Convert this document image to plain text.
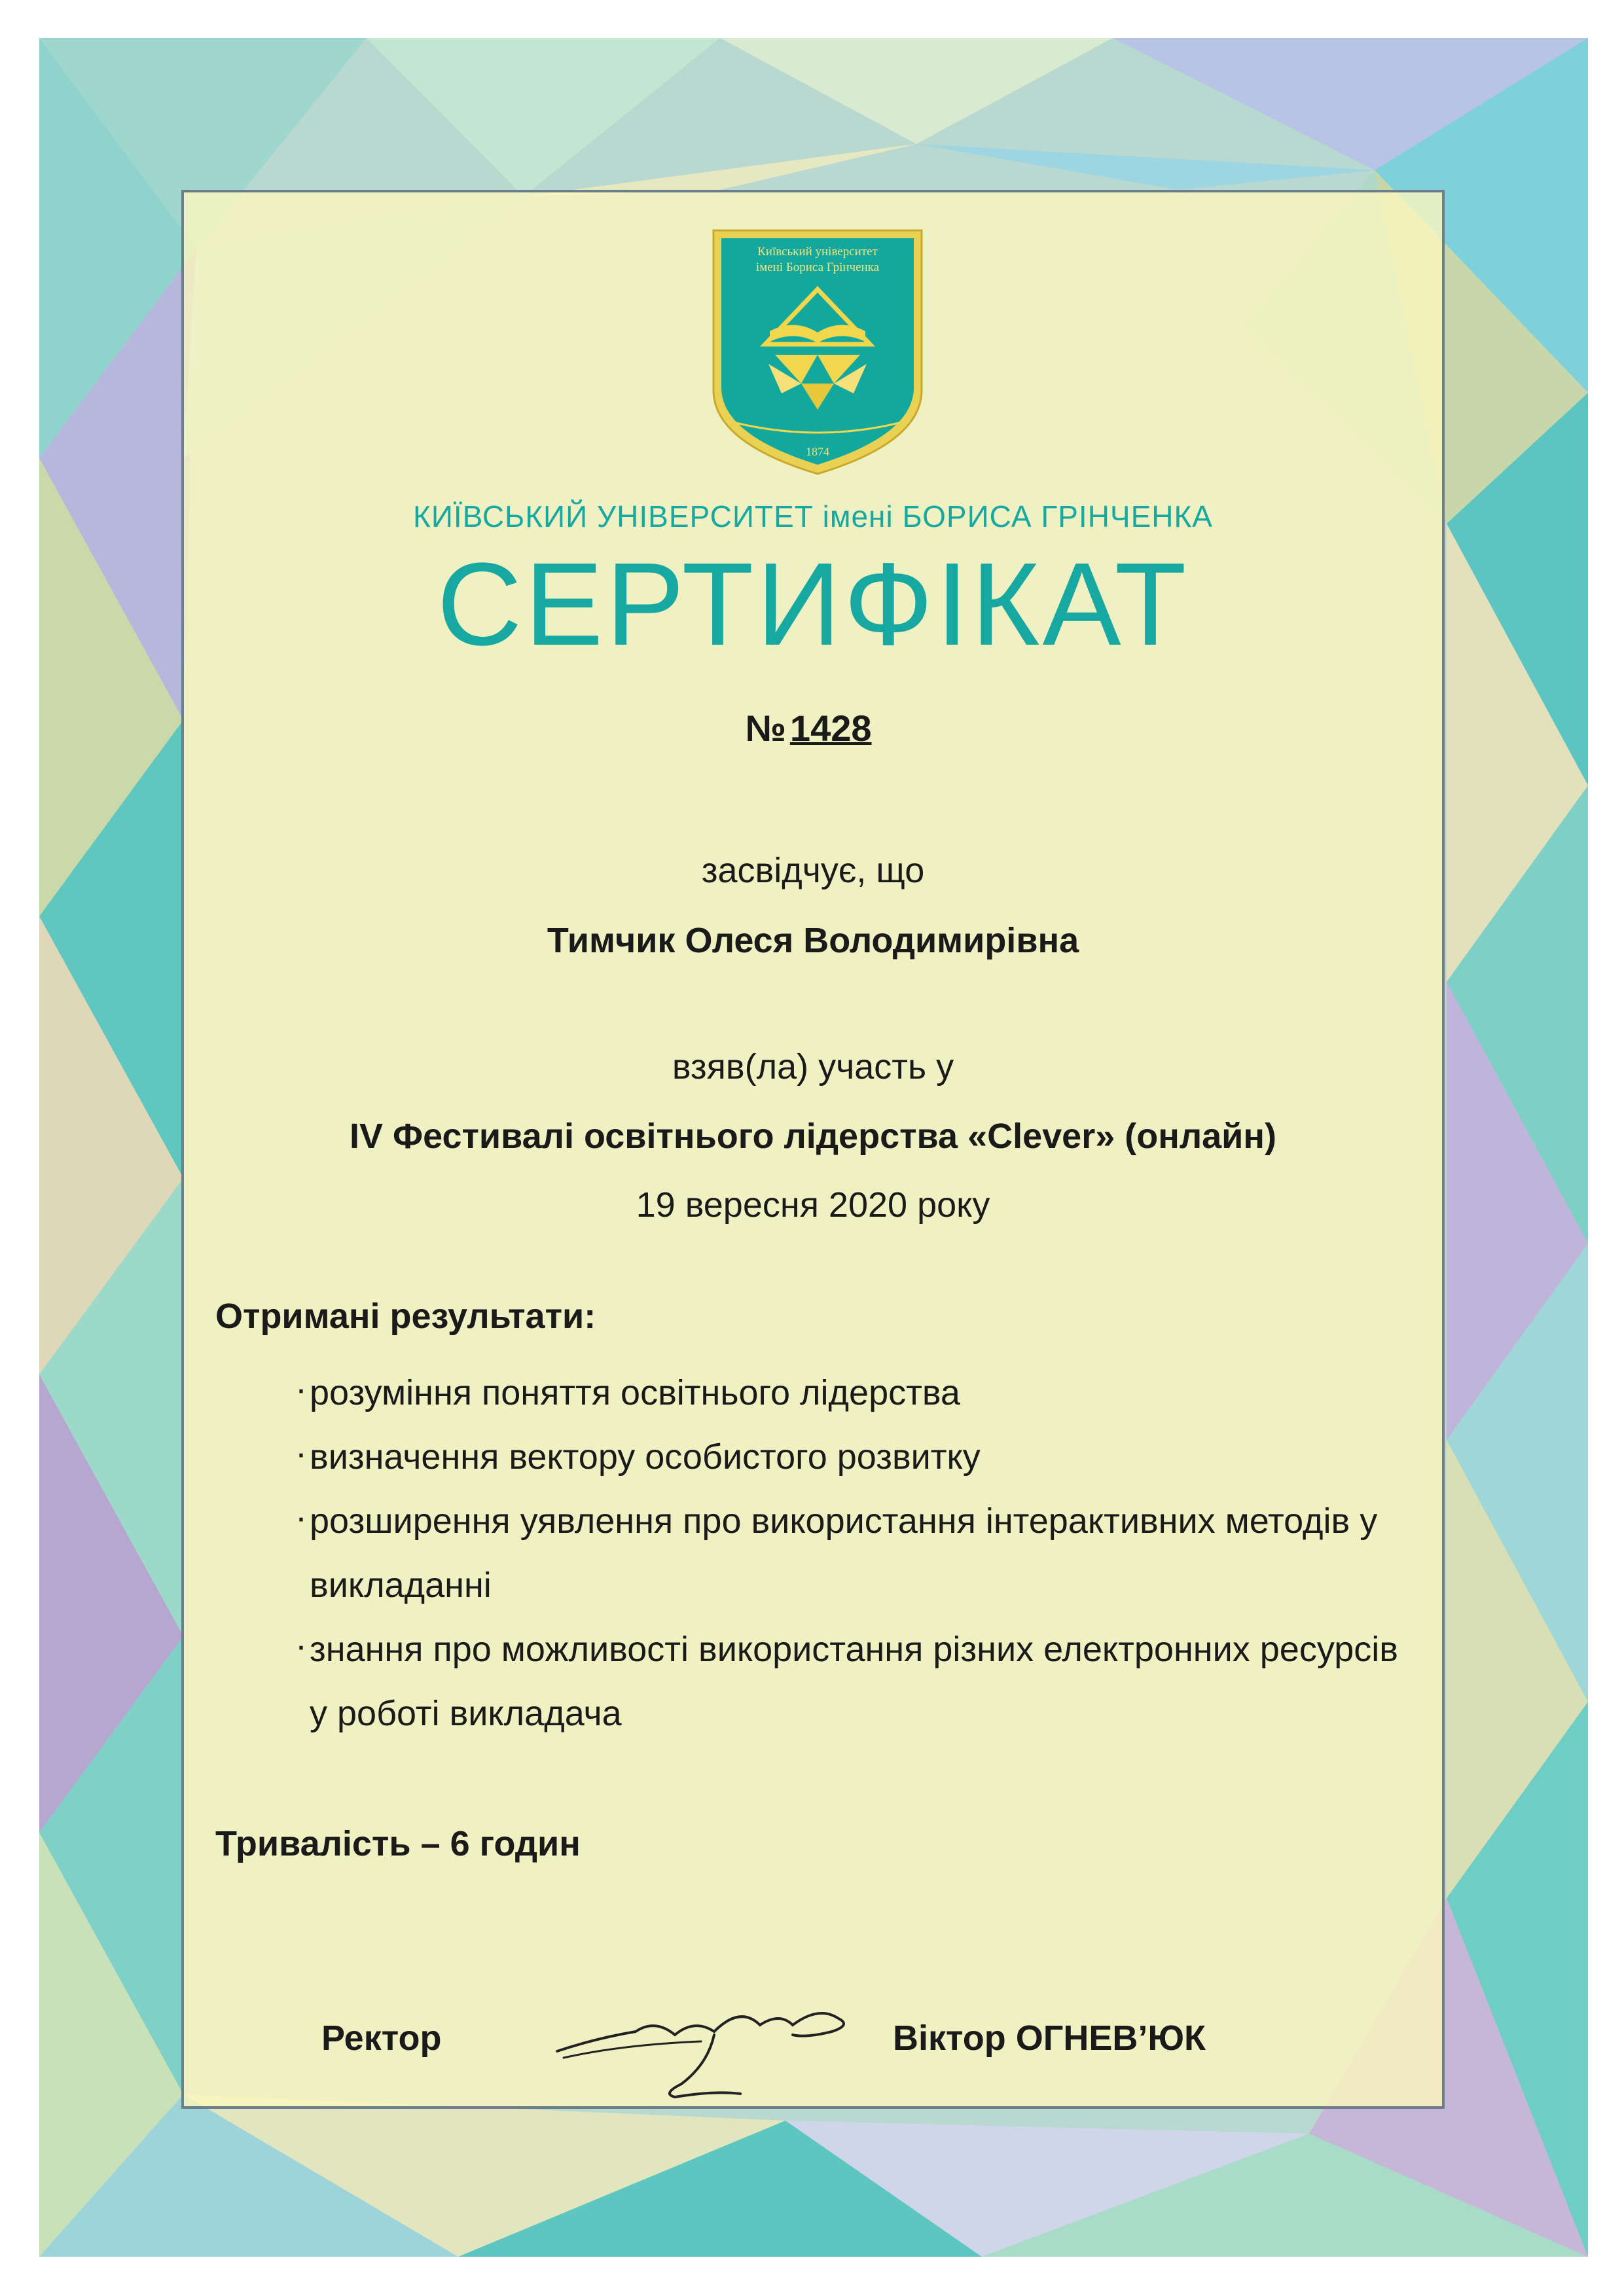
Київський університет
імені Бориса Грінченка
1874
КИЇВСЬКИЙ УНІВЕРСИТЕТ імені БОРИСА ГРІНЧЕНКА
СЕРТИФІКАТ
№ 1428
засвідчує, що
Тимчик Олеся Володимирівна
взяв(ла) участь у
IV Фестивалі освітнього лідерства «Clever» (онлайн)
19 вересня 2020 року
Отримані результати:
· розуміння поняття освітнього лідерства
· визначення вектору особистого розвитку
· розширення уявлення про використання інтерактивних методів у викладанні
· знання про можливості використання різних електронних ресурсів у роботі викладача
Тривалість – 6 годин
Ректор	Віктор ОГНЕВ’ЮК
